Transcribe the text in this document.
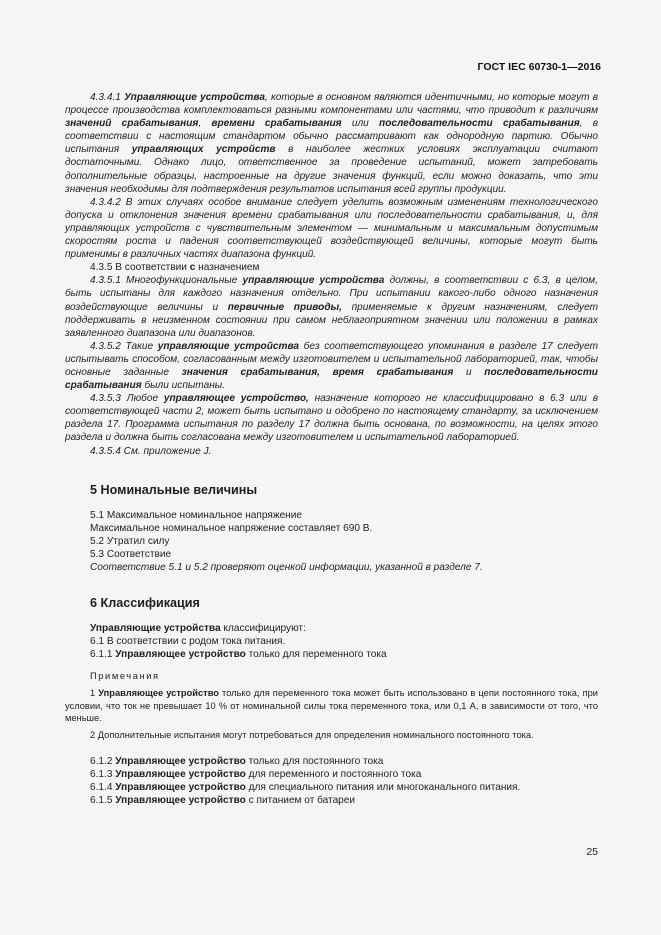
ГОСТ IEC 60730-1—2016

4.3.4.1 Управляющие устройства, которые в основном являются идентичными, но которые могут в процессе производства комплектоваться разными компонентами или частями, что приводит к различиям значений срабатывания, времени срабатывания или последовательности срабатывания, в соответствии с настоящим стандартом обычно рассматривают как однородную партию. Обычно испытания управляющих устройств в наиболее жестких условиях эксплуатации считают достаточными. Однако лицо, ответственное за проведение испытаний, может затребовать дополнительные образцы, настроенные на другие значения функций, если можно доказать, что эти значения необходимы для подтверждения результатов испытания всей группы продукции.

4.3.4.2 В этих случаях особое внимание следует уделить возможным изменениям технологического допуска и отклонения значения времени срабатывания или последовательности срабатывания, и, для управляющих устройств с чувствительным элементом — минимальным и максимальным допустимым скоростям роста и падения соответствующей воздействующей величины, которые могут быть применимы в различных частях диапазона функций.

4.3.5 В соответствии с назначением

4.3.5.1 Многофункциональные управляющие устройства должны, в соответствии с 6.3, в целом, быть испытаны для каждого назначения отдельно. При испытании какого-либо одного назначения воздействующие величины и первичные приводы, применяемые к другим назначениям, следует поддерживать в неизменном состоянии при самом неблагоприятном значении или положении в рамках заявленного диапазона или диапазонов.

4.3.5.2 Такие управляющие устройства без соответствующего упоминания в разделе 17 следует испытывать способом, согласованным между изготовителем и испытательной лабораторией, так, чтобы основные заданные значения срабатывания, время срабатывания и последовательности срабатывания были испытаны.

4.3.5.3 Любое управляющее устройство, назначение которого не классифицировано в 6.3 или в соответствующей части 2, может быть испытано и одобрено по настоящему стандарту, за исключением раздела 17. Программа испытания по разделу 17 должна быть основана, по возможности, на целях этого раздела и должна быть согласована между изготовителем и испытательной лабораторией.

4.3.5.4 См. приложение J.

5 Номинальные величины

5.1 Максимальное номинальное напряжение

Максимальное номинальное напряжение составляет 690 В.

5.2 Утратил силу

5.3 Соответствие

Соответствие 5.1 и 5.2 проверяют оценкой информации, указанной в разделе 7.

6 Классификация

Управляющие устройства классифицируют:

6.1 В соответствии с родом тока питания.

6.1.1 Управляющее устройство только для переменного тока

Примечания

1 Управляющее устройство только для переменного тока может быть использовано в цепи постоянного тока, при условии, что ток не превышает 10 % от номинальной силы тока переменного тока, или 0,1 А, в зависимости от того, что меньше.

2 Дополнительные испытания могут потребоваться для определения номинального постоянного тока.

6.1.2 Управляющее устройство только для постоянного тока

6.1.3 Управляющее устройство для переменного и постоянного тока

6.1.4 Управляющее устройство для специального питания или многоканального питания.

6.1.5 Управляющее устройство с питанием от батареи

25
